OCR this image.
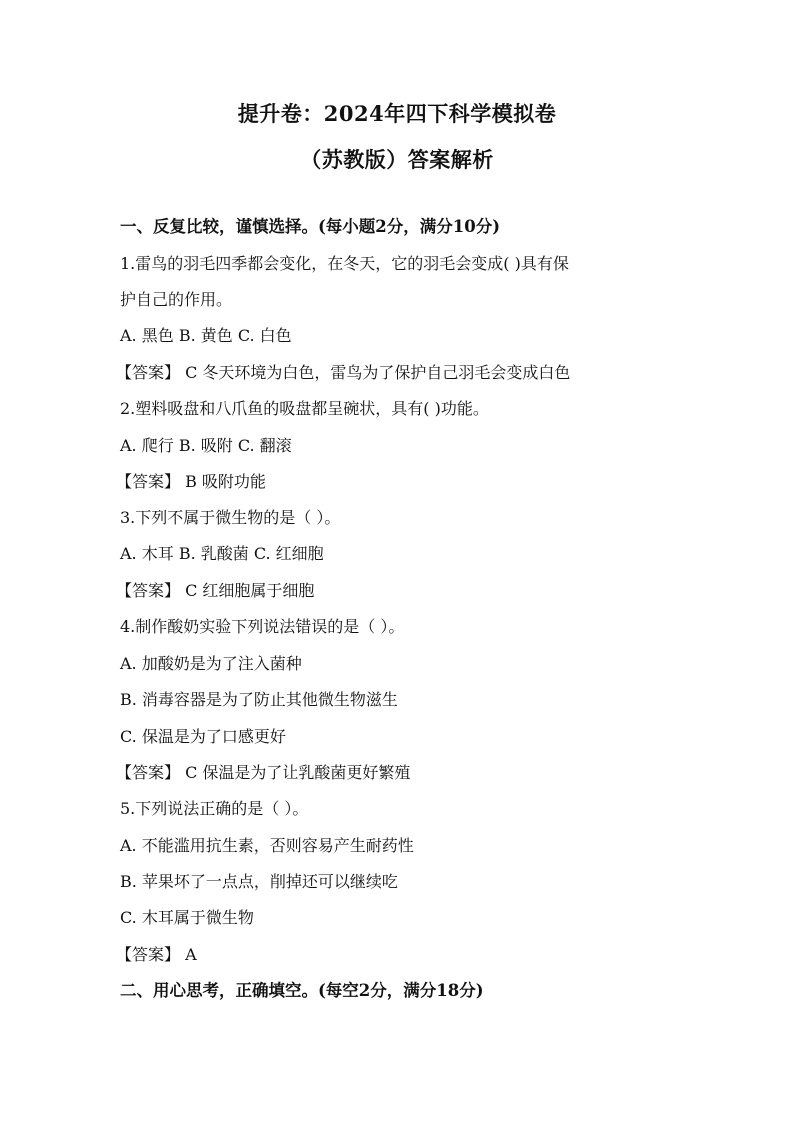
提升卷：2024年四下科学模拟卷
（苏教版）答案解析
一、反复比较，谨慎选择。(每小题2分，满分10分)
1.雷鸟的羽毛四季都会变化，在冬天，它的羽毛会变成( )具有保
护自己的作用。
A. 黑色 B. 黄色 C. 白色
【答案】 C 冬天环境为白色，雷鸟为了保护自己羽毛会变成白色
2.塑料吸盘和八爪鱼的吸盘都呈碗状，具有( )功能。
A. 爬行 B. 吸附 C. 翻滚
【答案】 B 吸附功能
3.下列不属于微生物的是（ ）。
A. 木耳 B. 乳酸菌 C. 红细胞
【答案】 C 红细胞属于细胞
4.制作酸奶实验下列说法错误的是（ ）。
A. 加酸奶是为了注入菌种
B. 消毒容器是为了防止其他微生物滋生
C. 保温是为了口感更好
【答案】 C 保温是为了让乳酸菌更好繁殖
5.下列说法正确的是（ ）。
A. 不能滥用抗生素，否则容易产生耐药性
B. 苹果坏了一点点，削掉还可以继续吃
C. 木耳属于微生物
【答案】 A
二、用心思考，正确填空。(每空2分，满分18分)
